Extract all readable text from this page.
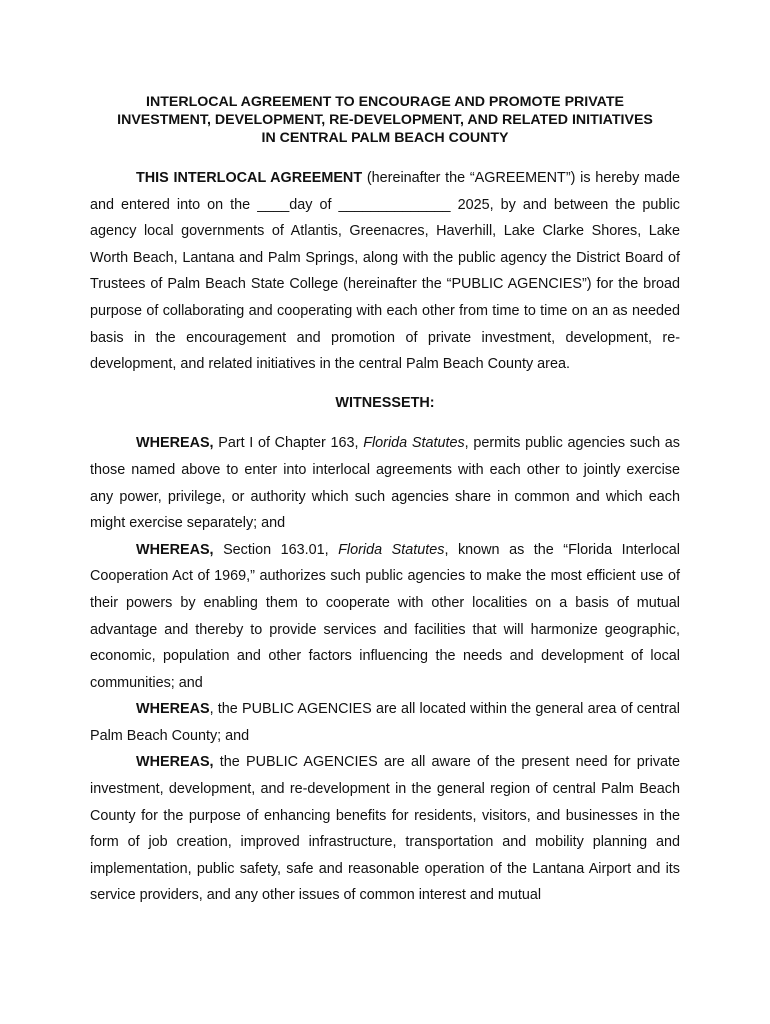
INTERLOCAL AGREEMENT TO ENCOURAGE AND PROMOTE PRIVATE
INVESTMENT, DEVELOPMENT, RE-DEVELOPMENT, AND RELATED INITIATIVES
IN CENTRAL PALM BEACH COUNTY

THIS INTERLOCAL AGREEMENT (hereinafter the “AGREEMENT”) is hereby made and entered into on the ____day of ______________ 2025, by and between the public agency local governments of Atlantis, Greenacres, Haverhill, Lake Clarke Shores, Lake Worth Beach, Lantana and Palm Springs, along with the public agency the District Board of Trustees of Palm Beach State College (hereinafter the “PUBLIC AGENCIES”) for the broad purpose of collaborating and cooperating with each other from time to time on an as needed basis in the encouragement and promotion of private investment, development, re-development, and related initiatives in the central Palm Beach County area.

WITNESSETH:

WHEREAS, Part I of Chapter 163, Florida Statutes, permits public agencies such as those named above to enter into interlocal agreements with each other to jointly exercise any power, privilege, or authority which such agencies share in common and which each might exercise separately; and

WHEREAS, Section 163.01, Florida Statutes, known as the “Florida Interlocal Cooperation Act of 1969,” authorizes such public agencies to make the most efficient use of their powers by enabling them to cooperate with other localities on a basis of mutual advantage and thereby to provide services and facilities that will harmonize geographic, economic, population and other factors influencing the needs and development of local communities; and

WHEREAS, the PUBLIC AGENCIES are all located within the general area of central Palm Beach County; and

WHEREAS, the PUBLIC AGENCIES are all aware of the present need for private investment, development, and re-development in the general region of central Palm Beach County for the purpose of enhancing benefits for residents, visitors, and businesses in the form of job creation, improved infrastructure, transportation and mobility planning and implementation, public safety, safe and reasonable operation of the Lantana Airport and its service providers, and any other issues of common interest and mutual
